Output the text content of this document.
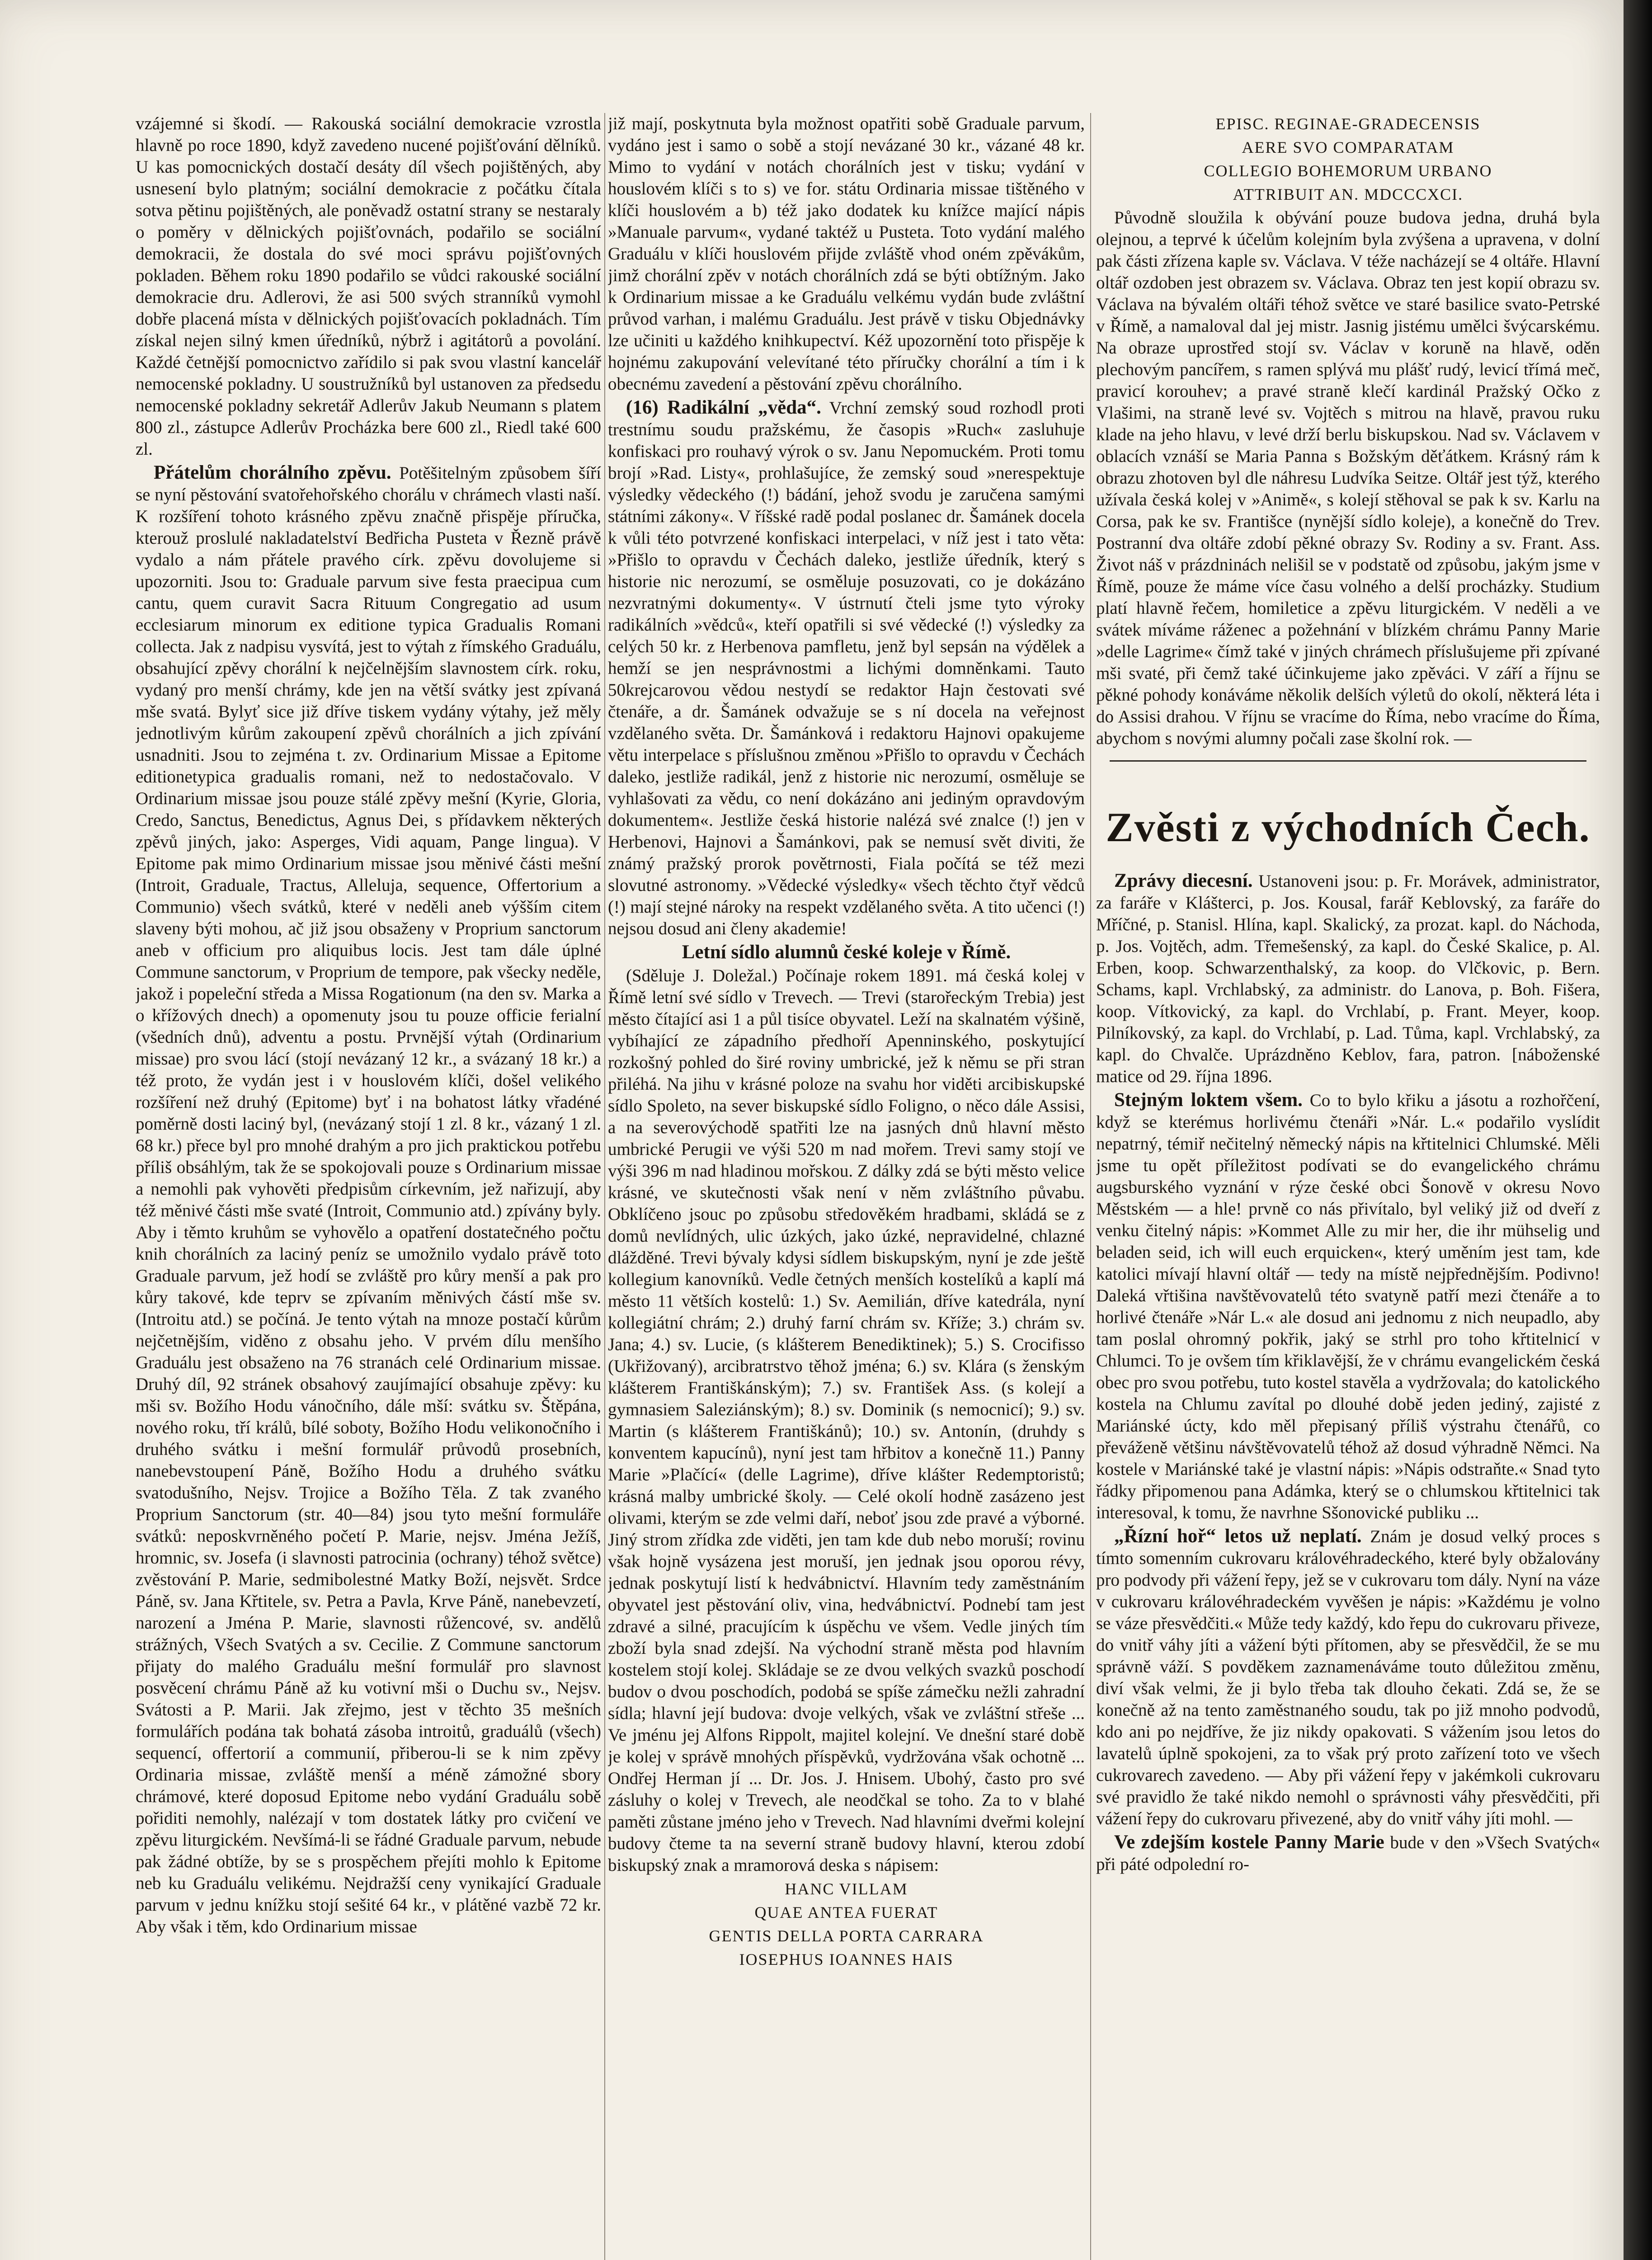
vzájemné si škodí. — Rakouská sociální demokracie vzrostla hlavně po roce 1890, když zavedeno nucené pojišťování dělníků. U kas pomocnických dostačí desáty díl všech pojištěných, aby usnesení bylo platným; sociální demokracie z počátku čítala sotva pětinu pojištěných, ale poněvadž ostatní strany se nestaraly o poměry v dělnických pojišťovnách, podařilo se sociální demokracii, že dostala do své moci správu pojišťovných pokladen. Během roku 1890 podařilo se vůdci rakouské sociální demokracie dru. Adlerovi, že asi 500 svých stranníků vymohl dobře placená místa v dělnických pojišťovacích pokladnách. Tím získal nejen silný kmen úředníků, nýbrž i agitátorů a povolání. Každé četnější pomocnictvo zařídilo si pak svou vlastní kancelář nemocenské pokladny. U soustružníků byl ustanoven za předsedu nemocenské pokladny sekretář Adlerův Jakub Neumann s platem 800 zl., zástupce Adlerův Procházka bere 600 zl., Riedl také 600 zl.

Přátelům chorálního zpěvu. Potěšitelným způsobem šíří se nyní pěstování svatořehořského chorálu v chrámech vlasti naší. K rozšíření tohoto krásného zpěvu značně přispěje příručka, kterouž proslulé nakladatelství Bedřicha Pusteta v Řezně právě vydalo a nám přátele pravého círk. zpěvu dovolujeme si upozorniti. Jsou to: Graduale parvum sive festa praecipua cum cantu, quem curavit Sacra Rituum Congregatio ad usum ecclesiarum minorum ex editione typica Gradualis Romani collecta. Jak z nadpisu vysvítá, jest to výtah z římského Graduálu, obsahující zpěvy chorální k nejčelnějším slavnostem círk. roku, vydaný pro menší chrámy, kde jen na větší svátky jest zpívaná mše svatá. Bylyť sice již dříve tiskem vydány výtahy, jež měly jednotlivým kůrům zakoupení zpěvů chorálních a jich zpívání usnadniti. Jsou to zejména t. zv. Ordinarium Missae a Epitome editionetypica gradualis romani, než to nedostačovalo. V Ordinarium missae jsou pouze stálé zpěvy mešní (Kyrie, Gloria, Credo, Sanctus, Benedictus, Agnus Dei, s přídavkem některých zpěvů jiných, jako: Asperges, Vidi aquam, Pange lingua). V Epitome pak mimo Ordinarium missae jsou měnivé části mešní (Introit, Graduale, Tractus, Alleluja, sequence, Offertorium a Communio) všech svátků, které v neděli aneb výšším citem slaveny býti mohou, ač již jsou obsaženy v Proprium sanctorum aneb v officium pro aliquibus locis. Jest tam dále úplné Commune sanctorum, v Proprium de tempore, pak všecky neděle, jakož i popeleční středa a Missa Rogationum (na den sv. Marka a o křížových dnech) a opomenuty jsou tu pouze officie ferialní (všedních dnů), adventu a postu. Prvnější výtah (Ordinarium missae) pro svou lácí (stojí nevázaný 12 kr., a svázaný 18 kr.) a též proto, že vydán jest i v houslovém klíči, došel velikého rozšíření než druhý (Epitome) byť i na bohatost látky vřadéné poměrně dosti laciný byl, (nevázaný stojí 1 zl. 8 kr., vázaný 1 zl. 68 kr.) přece byl pro mnohé drahým a pro jich praktickou potřebu příliš obsáhlým, tak že se spokojovali pouze s Ordinarium missae a nemohli pak vyhověti předpisům církevním, jež nařizují, aby též měnivé části mše svaté (Introit, Communio atd.) zpívány byly. Aby i těmto kruhům se vyhovělo a opatření dostatečného počtu knih chorálních za laciný peníz se umožnilo vydalo právě toto Graduale parvum, jež hodí se zvláště pro kůry menší a pak pro kůry takové, kde teprv se zpívaním měnivých částí mše sv. (Introitu atd.) se počíná. Je tento výtah na mnoze postačí kůrům nejčetnějším, viděno z obsahu jeho. V prvém dílu menšího Graduálu jest obsaženo na 76 stranách celé Ordinarium missae. Druhý díl, 92 stránek obsahový zaujímající obsahuje zpěvy: ku mši sv. Božího Hodu vánočního, dále mší: svátku sv. Štěpána, nového roku, tří králů, bílé soboty, Božího Hodu velikonočního i druhého svátku i mešní formulář průvodů prosebních, nanebevstoupení Páně, Božího Hodu a druhého svátku svatodušního, Nejsv. Trojice a Božího Těla. Z tak zvaného Proprium Sanctorum (str. 40—84) jsou tyto mešní formuláře svátků: neposkvrněného početí P. Marie, nejsv. Jména Ježíš, hromnic, sv. Josefa (i slavnosti patrocinia (ochrany) téhož světce) zvěstování P. Marie, sedmibolestné Matky Boží, nejsvět. Srdce Páně, sv. Jana Křtitele, sv. Petra a Pavla, Krve Páně, nanebevzetí, narození a Jména P. Marie, slavnosti růžencové, sv. andělů strážných, Všech Svatých a sv. Cecilie. Z Commune sanctorum přijaty do malého Graduálu mešní formulář pro slavnost posvěcení chrámu Páně až ku votivní mši o Duchu sv., Nejsv. Svátosti a P. Marii. Jak zřejmo, jest v těchto 35 mešních formulářích podána tak bohatá zásoba introitů, graduálů (všech) sequencí, offertorií a communií, přiberou-li se k nim zpěvy Ordinaria missae, zvláště menší a méně zámožné sbory chrámové, které doposud Epitome nebo vydání Graduálu sobě pořiditi nemohly, nalézají v tom dostatek látky pro cvičení ve zpěvu liturgickém. Nevšímá-li se řádné Graduale parvum, nebude pak žádné obtíže, by se s prospěchem přejíti mohlo k Epitome neb ku Graduálu velikému. Nejdražší ceny vynikající Graduale parvum v jednu knížku stojí sešité 64 kr., v plátěné vazbě 72 kr. Aby však i těm, kdo Ordinarium missae

již mají, poskytnuta byla možnost opatřiti sobě Graduale parvum, vydáno jest i samo o sobě a stojí nevázané 30 kr., vázané 48 kr. Mimo to vydání v notách chorálních jest v tisku; vydání v houslovém klíči s to s) ve for. státu Ordinaria missae tištěného v klíči houslovém a b) též jako dodatek ku knížce mající nápis »Manuale parvum«, vydané taktéž u Pusteta. Toto vydání malého Graduálu v klíči houslovém přijde zvláště vhod oném zpěvákům, jimž chorální zpěv v notách chorálních zdá se býti obtížným. Jako k Ordinarium missae a ke Graduálu velkému vydán bude zvláštní průvod varhan, i malému Graduálu. Jest právě v tisku Objednávky lze učiniti u každého knihkupectví. Kéž upozornění toto přispěje k hojnému zakupování velevítané této příručky chorální a tím i k obecnému zavedení a pěstování zpěvu chorálního.

(16) Radikální „věda“. Vrchní zemský soud rozhodl proti trestnímu soudu pražskému, že časopis »Ruch« zasluhuje konfiskaci pro rouhavý výrok o sv. Janu Nepomuckém. Proti tomu brojí »Rad. Listy«, prohlašujíce, že zemský soud »nerespektuje výsledky vědeckého (!) bádání, jehož svodu je zaručena samými státními zákony«. V říšské radě podal poslanec dr. Šamánek docela k vůli této potvrzené konfiskaci interpelaci, v níž jest i tato věta: »Přišlo to opravdu v Čechách daleko, jestliže úředník, který s historie nic nerozumí, se osměluje posuzovati, co je dokázáno nezvratnými dokumenty«. V ústrnutí čteli jsme tyto výroky radikálních »vědců«, kteří opatřili si své vědecké (!) výsledky za celých 50 kr. z Herbenova pamfletu, jenž byl sepsán na výdělek a hemží se jen nesprávnostmi a lichými domněnkami. Tauto 50krejcarovou vědou nestydí se redaktor Hajn čestovati své čtenáře, a dr. Šamánek odvažuje se s ní docela na veřejnost vzdělaného světa. Dr. Šamánková i redaktoru Hajnovi opakujeme větu interpelace s příslušnou změnou »Přišlo to opravdu v Čechách daleko, jestliže radikál, jenž z historie nic nerozumí, osměluje se vyhlašovati za vědu, co není dokázáno ani jediným opravdovým dokumentem«. Jestliže česká historie nalézá své znalce (!) jen v Herbenovi, Hajnovi a Šamánkovi, pak se nemusí svět diviti, že známý pražský prorok povětrnosti, Fiala počítá se též mezi slovutné astronomy. »Vědecké výsledky« všech těchto čtyř vědců (!) mají stejné nároky na respekt vzdělaného světa. A tito učenci (!) nejsou dosud ani členy akademie!

Letní sídlo alumnů české koleje v Římě.

(Sděluje J. Doležal.) Počínaje rokem 1891. má česká kolej v Římě letní své sídlo v Trevech. — Trevi (starořeckým Trebia) jest město čítající asi 1 a půl tisíce obyvatel. Leží na skalnatém výšině, vybíhající ze západního předhoří Apenninského, poskytující rozkošný pohled do širé roviny umbrické, jež k němu se při stran přiléhá. Na jihu v krásné poloze na svahu hor viděti arcibiskupské sídlo Spoleto, na sever biskupské sídlo Foligno, o něco dále Assisi, a na severovýchodě spatřiti lze na jasných dnů hlavní město umbrické Perugii ve výši 520 m nad mořem. Trevi samy stojí ve výši 396 m nad hladinou mořskou. Z dálky zdá se býti město velice krásné, ve skutečnosti však není v něm zvláštního půvabu. Obklíčeno jsouc po způsobu středověkém hradbami, skládá se z domů nevlídných, ulic úzkých, jako úzké, nepravidelné, chlazné dlážděné. Trevi bývaly kdysi sídlem biskupským, nyní je zde ještě kollegium kanovníků. Vedle četných menších kostelíků a kaplí má město 11 větších kostelů: 1.) Sv. Aemilián, dříve katedrála, nyní kollegiátní chrám; 2.) druhý farní chrám sv. Kříže; 3.) chrám sv. Jana; 4.) sv. Lucie, (s klášterem Benediktinek); 5.) S. Crocifisso (Ukřižovaný), arcibratrstvo těhož jména; 6.) sv. Klára (s ženským klášterem Františkánským); 7.) sv. František Ass. (s kolejí a gymnasiem Saleziánským); 8.) sv. Dominik (s nemocnicí); 9.) sv. Martin (s klášterem Františkánů); 10.) sv. Antonín, (druhdy s konventem kapucínů), nyní jest tam hřbitov a konečně 11.) Panny Marie »Plačící« (delle Lagrime), dříve klášter Redemptoristů; krásná malby umbrické školy. — Celé okolí hodně zasázeno jest olivami, kterým se zde velmi daří, neboť jsou zde pravé a výborné. Jiný strom zřídka zde viděti, jen tam kde dub nebo moruší; rovinu však hojně vysázena jest moruší, jen jednak jsou oporou révy, jednak poskytují listí k hedvábnictví. Hlavním tedy zaměstnáním obyvatel jest pěstování oliv, vina, hedvábnictví. Podnebí tam jest zdravé a silné, pracujícím k úspěchu ve všem. Vedle jiných tím zboží byla snad zdejší. Na východní straně města pod hlavním kostelem stojí kolej. Skládaje se ze dvou velkých svazků poschodí budov o dvou poschodích, podobá se spíše zámečku nežli zahradní sídla; hlavní její budova: dvoje velkých, však ve zvláštní střeše ... Ve jménu jej Alfons Rippolt, majitel kolejní. Ve dnešní staré době je kolej v správě mnohých příspěvků, vydržována však ochotně ... Ondřej Herman jí ... Dr. Jos. J. Hnisem. Ubohý, často pro své zásluhy o kolej v Trevech, ale neodčkal se toho. Za to v blahé paměti zůstane jméno jeho v Trevech. Nad hlavními dveřmi kolejní budovy čteme ta na severní straně budovy hlavní, kterou zdobí biskupský znak a mramorová deska s nápisem:

HANC VILLAM

QUAE ANTEA FUERAT

GENTIS DELLA PORTA CARRARA

IOSEPHUS IOANNES HAIS

EPISC. REGINAE-GRADECENSIS

AERE SVO COMPARATAM

COLLEGIO BOHEMORUM URBANO

ATTRIBUIT AN. MDCCCXCI.

Původně sloužila k obývání pouze budova jedna, druhá byla olejnou, a teprvé k účelům kolejním byla zvýšena a upravena, v dolní pak části zřízena kaple sv. Václava. V téže nacházejí se 4 oltáře. Hlavní oltář ozdoben jest obrazem sv. Václava. Obraz ten jest kopií obrazu sv. Václava na bývalém oltáři téhož světce ve staré basilice svato-Petrské v Římě, a namaloval dal jej mistr. Jasnig jistému umělci švýcarskému. Na obraze uprostřed stojí sv. Václav v koruně na hlavě, oděn plechovým pancířem, s ramen splývá mu plášť rudý, levicí třímá meč, pravicí korouhev; a pravé straně klečí kardinál Pražský Očko z Vlašimi, na straně levé sv. Vojtěch s mitrou na hlavě, pravou ruku klade na jeho hlavu, v levé drží berlu biskupskou. Nad sv. Václavem v oblacích vznáší se Maria Panna s Božským děťátkem. Krásný rám k obrazu zhotoven byl dle náhresu Ludvíka Seitze. Oltář jest týž, kterého užívala česká kolej v »Animě«, s kolejí stěhoval se pak k sv. Karlu na Corsa, pak ke sv. Františce (nynější sídlo koleje), a konečně do Trev. Postranní dva oltáře zdobí pěkné obrazy Sv. Rodiny a sv. Frant. Ass. Život náš v prázdninách nelišil se v podstatě od způsobu, jakým jsme v Římě, pouze že máme více času volného a delší procházky. Studium platí hlavně řečem, homiletice a zpěvu liturgickém. V neděli a ve svátek míváme ráženec a požehnání v blízkém chrámu Panny Marie »delle Lagrime« čímž také v jiných chrámech příslušujeme při zpívané mši svaté, při čemž také účinkujeme jako zpěváci. V září a říjnu se pěkné pohody konáváme několik delších výletů do okolí, některá léta i do Assisi drahou. V říjnu se vracíme do Říma, nebo vracíme do Říma, abychom s novými alumny počali zase školní rok. —

Zvěsti z východních Čech.

Zprávy diecesní. Ustanoveni jsou: p. Fr. Morávek, administrator, za faráře v Klášterci, p. Jos. Kousal, farář Keblovský, za faráře do Mříčné, p. Stanisl. Hlína, kapl. Skalický, za prozat. kapl. do Náchoda, p. Jos. Vojtěch, adm. Třemešenský, za kapl. do České Skalice, p. Al. Erben, koop. Schwarzenthalský, za koop. do Vlčkovic, p. Bern. Schams, kapl. Vrchlabský, za administr. do Lanova, p. Boh. Fišera, koop. Vítkovický, za kapl. do Vrchlabí, p. Frant. Meyer, koop. Pilníkovský, za kapl. do Vrchlabí, p. Lad. Tůma, kapl. Vrchlabský, za kapl. do Chvalče. Uprázdněno Keblov, fara, patron. [náboženské matice od 29. října 1896.

Stejným loktem všem. Co to bylo křiku a jásotu a rozhořčení, když se kterémus horlivému čtenáři »Nár. L.« podařilo vyslídit nepatrný, témiř nečitelný německý nápis na křtitelnici Chlumské. Měli jsme tu opět příležitost podívati se do evangelického chrámu augsburského vyznání v rýze české obci Šonově v okresu Novo Městském — a hle! prvně co nás přivítalo, byl veliký již od dveří z venku čitelný nápis: »Kommet Alle zu mir her, die ihr mühselig und beladen seid, ich will euch erquicken«, který uměním jest tam, kde katolici mívají hlavní oltář — tedy na místě nejpřednějším. Podivno! Daleká vřtišina navštěvovatelů této svatyně patří mezi čtenáře a to horlivé čtenáře »Nár L.« ale dosud ani jednomu z nich neupadlo, aby tam poslal ohromný pokřik, jaký se strhl pro toho křtitelnicí v Chlumci. To je ovšem tím křiklavější, že v chrámu evangelickém česká obec pro svou potřebu, tuto kostel stavěla a vydržovala; do katolického kostela na Chlumu zavítal po dlouhé době jeden jediný, zajisté z Mariánské úcty, kdo měl přepisaný příliš výstrahu čtenářů, co převáženě většinu návštěvovatelů téhož až dosud výhradně Němci. Na kostele v Mariánské také je vlastní nápis: »Nápis odstraňte.« Snad tyto řádky připomenou pana Adámka, který se o chlumskou křtitelnici tak interesoval, k tomu, že navrhne Sšonovické publiku ...

„Řízní hoř“ letos už neplatí. Znám je dosud velký proces s tímto somenním cukrovaru královéhradeckého, které byly obžalovány pro podvody při vážení řepy, jež se v cukrovaru tom dály. Nyní na váze v cukrovaru královéhradeckém vyvěšen je nápis: »Každému je volno se váze přesvědčiti.« Může tedy každý, kdo řepu do cukrovaru přiveze, do vnitř váhy jíti a vážení býti přítomen, aby se přesvědčil, že se mu správně váží. S povděkem zaznamenáváme touto důležitou změnu, diví však velmi, že ji bylo třeba tak dlouho čekati. Zdá se, že se konečně až na tento zaměstnaného soudu, tak po již mnoho podvodů, kdo ani po nejdříve, že jiz nikdy opakovati. S vážením jsou letos do lavatelů úplně spokojeni, za to však prý proto zařízení toto ve všech cukrovarech zavedeno. — Aby při vážení řepy v jakémkoli cukrovaru své pravidlo že také nikdo nemohl o správnosti váhy přesvědčiti, při vážení řepy do cukrovaru přivezené, aby do vnitř váhy jíti mohl. —

Ve zdejším kostele Panny Marie bude v den »Všech Svatých« při páté odpolední ro-
